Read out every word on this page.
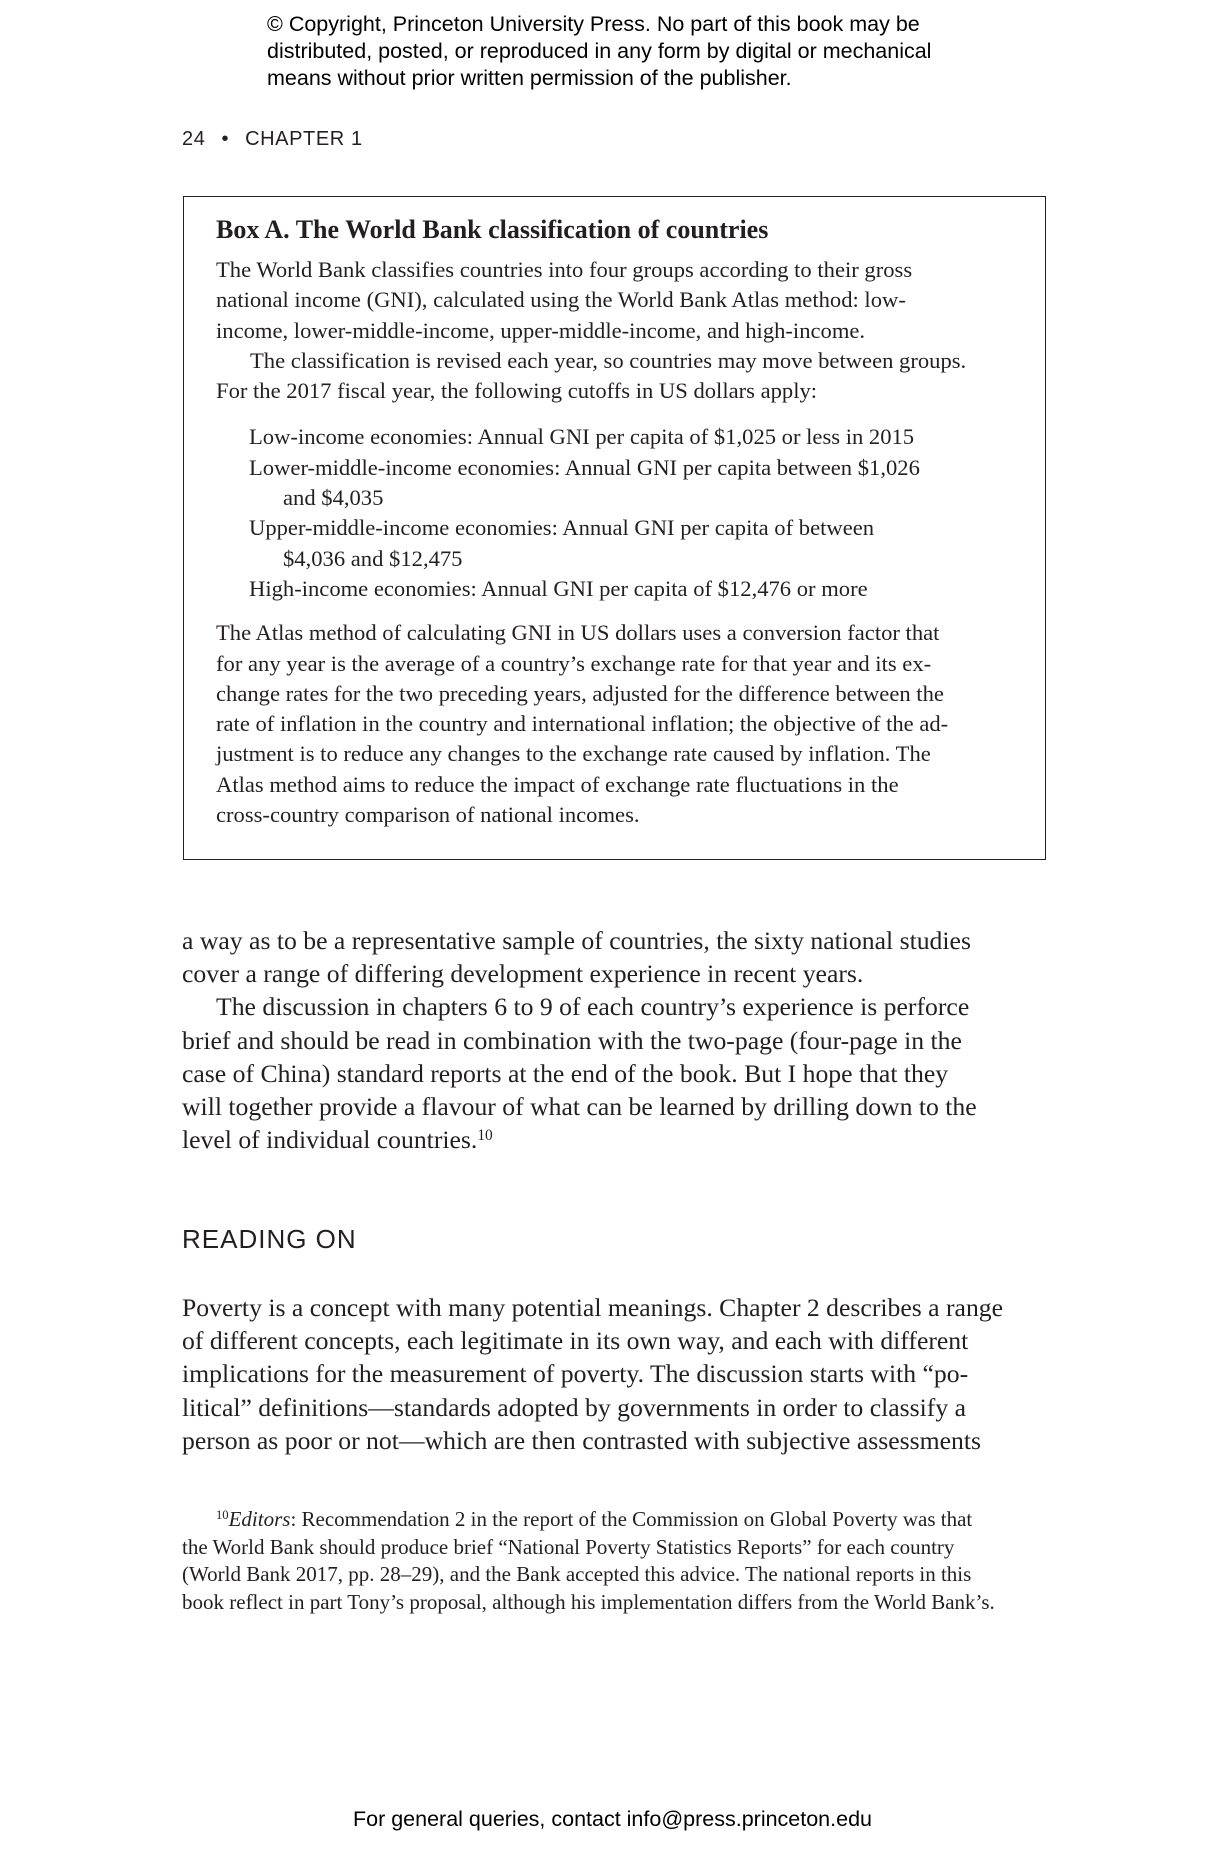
© Copyright, Princeton University Press. No part of this book may be
distributed, posted, or reproduced in any form by digital or mechanical
means without prior written permission of the publisher.
24 • CHAPTER 1
Box A. The World Bank classification of countries
The World Bank classifies countries into four groups according to their gross
national income (GNI), calculated using the World Bank Atlas method: low-
income, lower-middle-income, upper-middle-income, and high-income.
The classification is revised each year, so countries may move between groups.
For the 2017 fiscal year, the following cutoffs in US dollars apply:
Low-income economies: Annual GNI per capita of $1,025 or less in 2015
Lower-middle-income economies: Annual GNI per capita between $1,026
and $4,035
Upper-middle-income economies: Annual GNI per capita of between
$4,036 and $12,475
High-income economies: Annual GNI per capita of $12,476 or more
The Atlas method of calculating GNI in US dollars uses a conversion factor that
for any year is the average of a country’s exchange rate for that year and its ex-
change rates for the two preceding years, adjusted for the difference between the
rate of inflation in the country and international inflation; the objective of the ad-
justment is to reduce any changes to the exchange rate caused by inflation. The
Atlas method aims to reduce the impact of exchange rate fluctuations in the
cross-country comparison of national incomes.
a way as to be a representative sample of countries, the sixty national studies
cover a range of differing development experience in recent years.
The discussion in chapters 6 to 9 of each country’s experience is perforce
brief and should be read in combination with the two-page (four-page in the
case of China) standard reports at the end of the book. But I hope that they
will together provide a flavour of what can be learned by drilling down to the
level of individual countries.$^{10}$
READING ON
Poverty is a concept with many potential meanings. Chapter 2 describes a range
of different concepts, each legitimate in its own way, and each with different
implications for the measurement of poverty. The discussion starts with “po-
litical” definitions—standards adopted by governments in order to classify a
person as poor or not—which are then contrasted with subjective assessments
$^{10}$Editors: Recommendation 2 in the report of the Commission on Global Poverty was that
the World Bank should produce brief “National Poverty Statistics Reports” for each country
(World Bank 2017, pp. 28–29), and the Bank accepted this advice. The national reports in this
book reflect in part Tony’s proposal, although his implementation differs from the World Bank’s.
For general queries, contact info@press.princeton.edu
